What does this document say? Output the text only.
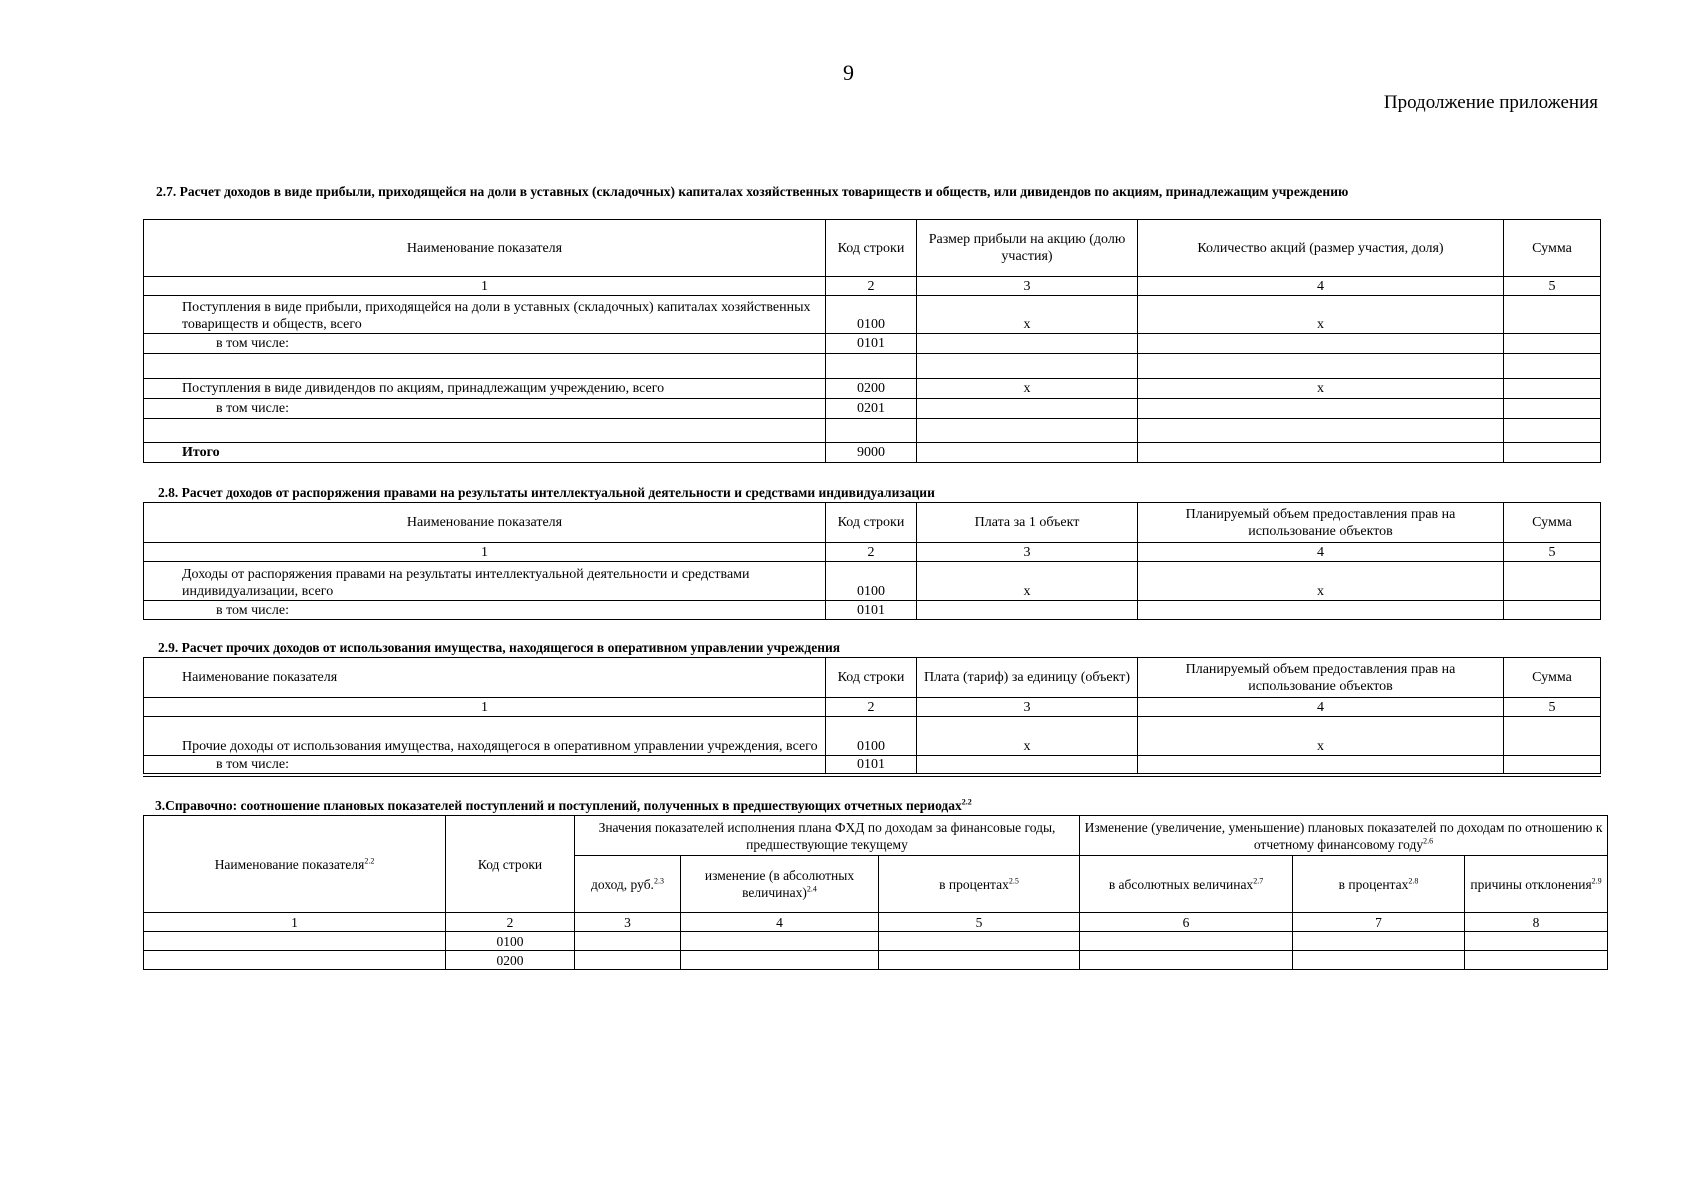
9
Продолжение приложения
2.7. Расчет доходов в виде прибыли, приходящейся на доли в уставных (складочных) капиталах хозяйственных товариществ и обществ, или дивидендов по акциям, принадлежащим учреждению
Наименование показателя	Код строки	Размер прибыли на акцию (долю участия)	Количество акций (размер участия, доля)	Сумма
1	2	3	4	5
Поступления в виде прибыли, приходящейся на доли в уставных (складочных) капиталах хозяйственных товариществ и обществ, всего	0100	х	х	
в том числе:	0101			

Поступления в виде дивидендов по акциям, принадлежащим учреждению, всего	0200	х	х	
в том числе:	0201			

Итого	9000			
2.8. Расчет доходов от распоряжения правами на результаты интеллектуальной деятельности и средствами индивидуализации
Наименование показателя	Код строки	Плата за 1 объект	Планируемый объем предоставления прав на использование объектов	Сумма
1	2	3	4	5
Доходы от распоряжения правами на результаты интеллектуальной деятельности и средствами индивидуализации, всего	0100	х	х	
в том числе:	0101			
2.9. Расчет прочих доходов от использования имущества, находящегося в оперативном управлении учреждения
Наименование показателя	Код строки	Плата (тариф) за единицу (объект)	Планируемый объем предоставления прав на использование объектов	Сумма
1	2	3	4	5
Прочие доходы от использования имущества, находящегося в оперативном управлении учреждения, всего	0100	х	х	
в том числе:	0101			
3.Справочно: соотношение плановых показателей поступлений и поступлений, полученных в предшествующих отчетных периодах$^{2.2}$
Наименование показателя$^{2.2}$	Код строки	Значения показателей исполнения плана ФХД по доходам за финансовые годы, предшествующие текущему			Изменение (увеличение, уменьшение) плановых показателей по доходам по отношению к отчетному финансовому году$^{2.6}$
		доход, руб.$^{2.3}$	изменение (в абсолютных величинах)$^{2.4}$	в процентах$^{2.5}$	в абсолютных величинах$^{2.7}$	в процентах$^{2.8}$	причины отклонения$^{2.9}$
1	2	3	4	5	6	7	8
	0100						
	0200						
